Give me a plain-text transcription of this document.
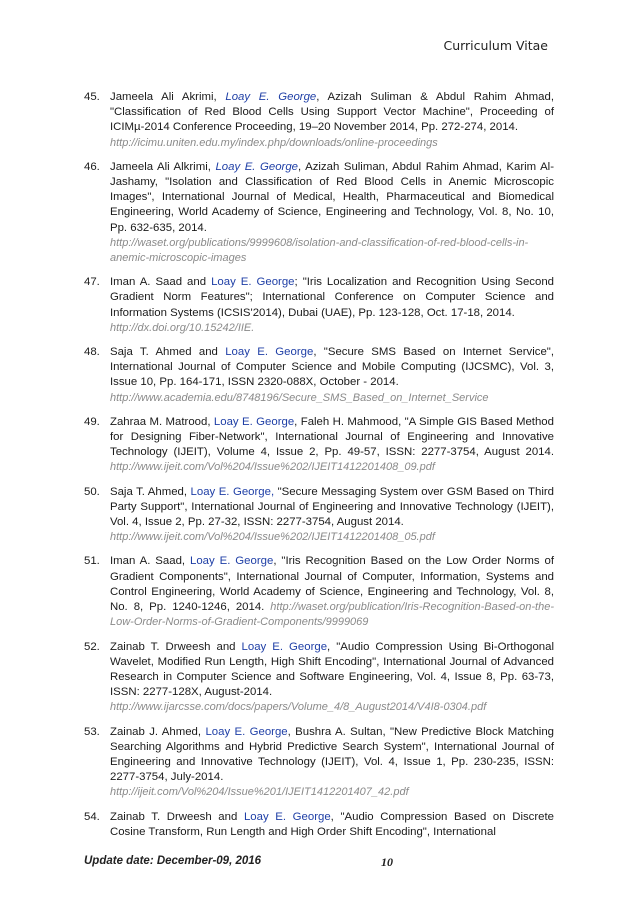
Curriculum Vitae
45. Jameela Ali Akrimi, Loay E. George, Azizah Suliman & Abdul Rahim Ahmad, "Classification of Red Blood Cells Using Support Vector Machine", Proceeding of ICIMµ-2014 Conference Proceeding, 19–20 November 2014, Pp. 272-274, 2014.
http://icimu.uniten.edu.my/index.php/downloads/online-proceedings
46. Jameela Ali Alkrimi, Loay E. George, Azizah Suliman, Abdul Rahim Ahmad, Karim Al-Jashamy, "Isolation and Classification of Red Blood Cells in Anemic Microscopic Images", International Journal of Medical, Health, Pharmaceutical and Biomedical Engineering, World Academy of Science, Engineering and Technology, Vol. 8, No. 10, Pp. 632-635, 2014.
http://waset.org/publications/9999608/isolation-and-classification-of-red-blood-cells-in-anemic-microscopic-images
47. Iman A. Saad and Loay E. George; "Iris Localization and Recognition Using Second Gradient Norm Features"; International Conference on Computer Science and Information Systems (ICSIS'2014), Dubai (UAE), Pp. 123-128, Oct. 17-18, 2014.
http://dx.doi.org/10.15242/IIE.
48. Saja T. Ahmed and Loay E. George, "Secure SMS Based on Internet Service", International Journal of Computer Science and Mobile Computing (IJCSMC), Vol. 3, Issue 10, Pp. 164-171, ISSN 2320-088X, October - 2014.
http://www.academia.edu/8748196/Secure_SMS_Based_on_Internet_Service
49. Zahraa M. Matrood, Loay E. George, Faleh H. Mahmood, "A Simple GIS Based Method for Designing Fiber-Network", International Journal of Engineering and Innovative Technology (IJEIT), Volume 4, Issue 2, Pp. 49-57, ISSN: 2277-3754, August 2014. http://www.ijeit.com/Vol%204/Issue%202/IJEIT1412201408_09.pdf
50. Saja T. Ahmed, Loay E. George, "Secure Messaging System over GSM Based on Third Party Support", International Journal of Engineering and Innovative Technology (IJEIT), Vol. 4, Issue 2, Pp. 27-32, ISSN: 2277-3754, August 2014.
http://www.ijeit.com/Vol%204/Issue%202/IJEIT1412201408_05.pdf
51. Iman A. Saad, Loay E. George, "Iris Recognition Based on the Low Order Norms of Gradient Components", International Journal of Computer, Information, Systems and Control Engineering, World Academy of Science, Engineering and Technology, Vol. 8, No. 8, Pp. 1240-1246, 2014. http://waset.org/publication/Iris-Recognition-Based-on-the-Low-Order-Norms-of-Gradient-Components/9999069
52. Zainab T. Drweesh and Loay E. George, "Audio Compression Using Bi-Orthogonal Wavelet, Modified Run Length, High Shift Encoding", International Journal of Advanced Research in Computer Science and Software Engineering, Vol. 4, Issue 8, Pp. 63-73, ISSN: 2277-128X, August-2014.
http://www.ijarcsse.com/docs/papers/Volume_4/8_August2014/V4I8-0304.pdf
53. Zainab J. Ahmed, Loay E. George, Bushra A. Sultan, "New Predictive Block Matching Searching Algorithms and Hybrid Predictive Search System", International Journal of Engineering and Innovative Technology (IJEIT), Vol. 4, Issue 1, Pp. 230-235, ISSN: 2277-3754, July-2014.
http://ijeit.com/Vol%204/Issue%201/IJEIT1412201407_42.pdf
54. Zainab T. Drweesh and Loay E. George, "Audio Compression Based on Discrete Cosine Transform, Run Length and High Order Shift Encoding", International
Update date: December-09, 2016	10
